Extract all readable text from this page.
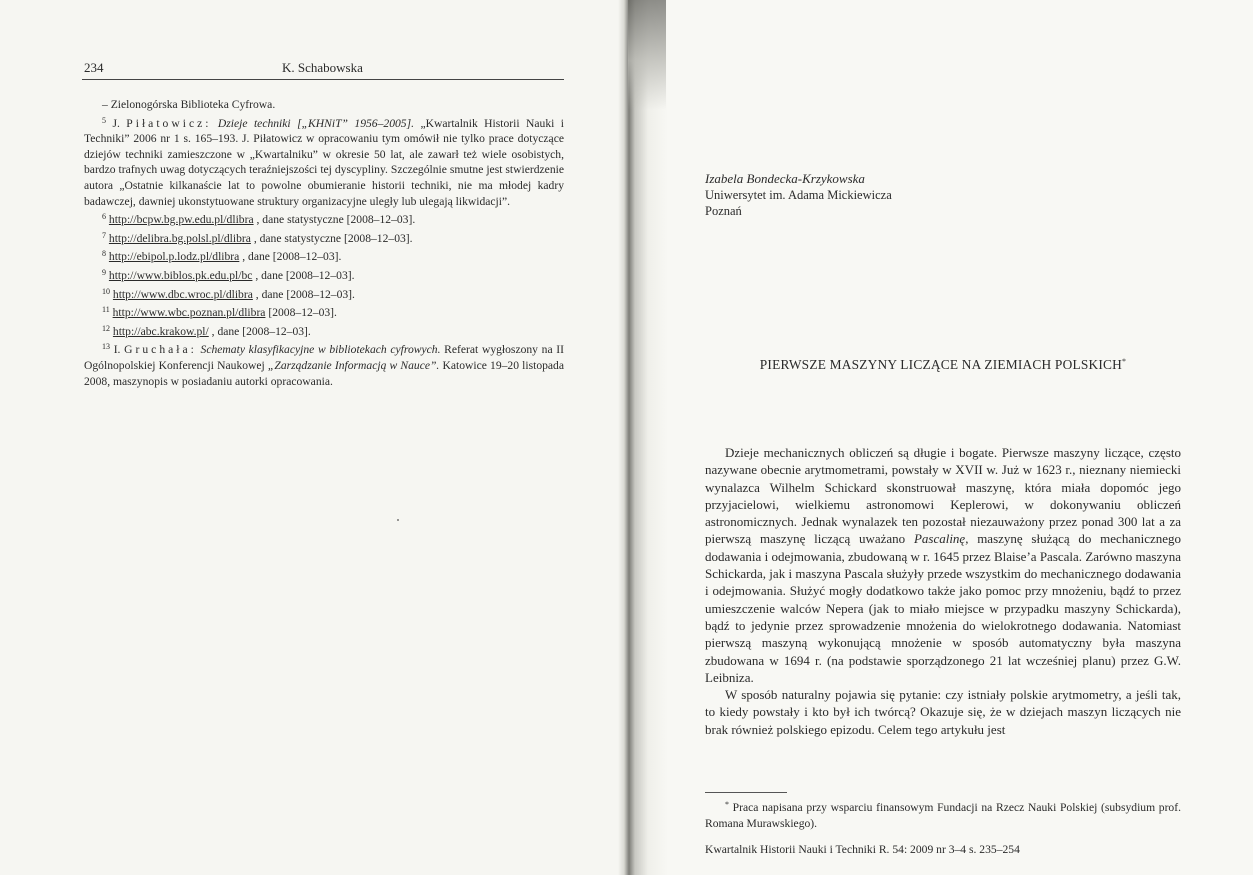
234	K. Schabowska

– Zielonogórska Biblioteka Cyfrowa.

$^5$ J. Piłatowicz: Dzieje techniki [„KHNiT” 1956–2005]. „Kwartalnik Historii Nauki i Techniki” 2006 nr 1 s. 165–193. J. Piłatowicz w opracowaniu tym omówił nie tylko prace dotyczące dziejów techniki zamieszczone w „Kwartalniku” w okresie 50 lat, ale zawarł też wiele osobistych, bardzo trafnych uwag dotyczących teraźniejszości tej dyscypliny. Szczególnie smutne jest stwierdzenie autora „Ostatnie kilkanaście lat to powolne obumieranie historii techniki, nie ma młodej kadry badawczej, dawniej ukonstytuowane struktury organizacyjne uległy lub ulegają likwidacji”.

$^6$ http://bcpw.bg.pw.edu.pl/dlibra , dane statystyczne [2008–12–03].

$^7$ http://delibra.bg.polsl.pl/dlibra , dane statystyczne [2008–12–03].

$^8$ http://ebipol.p.lodz.pl/dlibra , dane [2008–12–03].

$^9$ http://www.biblos.pk.edu.pl/bc , dane [2008–12–03].

$^{10}$ http://www.dbc.wroc.pl/dlibra , dane [2008–12–03].

$^{11}$ http://www.wbc.poznan.pl/dlibra [2008–12–03].

$^{12}$ http://abc.krakow.pl/ , dane [2008–12–03].

$^{13}$ I. Gruchała: Schematy klasyfikacyjne w bibliotekach cyfrowych. Referat wygłoszony na II Ogólnopolskiej Konferencji Naukowej „Zarządzanie Informacją w Nauce”. Katowice 19–20 listopada 2008, maszynopis w posiadaniu autorki opracowania.

Izabela Bondecka-Krzykowska
Uniwersytet im. Adama Mickiewicza
Poznań
PIERWSZE MASZYNY LICZĄCE NA ZIEMIACH POLSKICH*

Dzieje mechanicznych obliczeń są długie i bogate. Pierwsze maszyny liczące, często nazywane obecnie arytmometrami, powstały w XVII w. Już w 1623 r., nieznany niemiecki wynalazca Wilhelm Schickard skonstruował maszynę, która miała dopomóc jego przyjacielowi, wielkiemu astronomowi Keplerowi, w dokonywaniu obliczeń astronomicznych. Jednak wynalazek ten pozostał niezauważony przez ponad 300 lat a za pierwszą maszynę liczącą uważano Pascalinę, maszynę służącą do mechanicznego dodawania i odejmowania, zbudowaną w r. 1645 przez Blaise’a Pascala. Zarówno maszyna Schickarda, jak i maszyna Pascala służyły przede wszystkim do mechanicznego dodawania i odejmowania. Służyć mogły dodatkowo także jako pomoc przy mnożeniu, bądź to przez umieszczenie walców Nepera (jak to miało miejsce w przypadku maszyny Schickarda), bądź to jedynie przez sprowadzenie mnożenia do wielokrotnego dodawania. Natomiast pierwszą maszyną wykonującą mnożenie w sposób automatyczny była maszyna zbudowana w 1694 r. (na podstawie sporządzonego 21 lat wcześniej planu) przez G.W. Leibniza.

W sposób naturalny pojawia się pytanie: czy istniały polskie arytmometry, a jeśli tak, to kiedy powstały i kto był ich twórcą? Okazuje się, że w dziejach maszyn liczących nie brak również polskiego epizodu. Celem tego artykułu jest

* Praca napisana przy wsparciu finansowym Fundacji na Rzecz Nauki Polskiej (subsydium prof. Romana Murawskiego).
Kwartalnik Historii Nauki i Techniki R. 54: 2009 nr 3–4 s. 235–254
